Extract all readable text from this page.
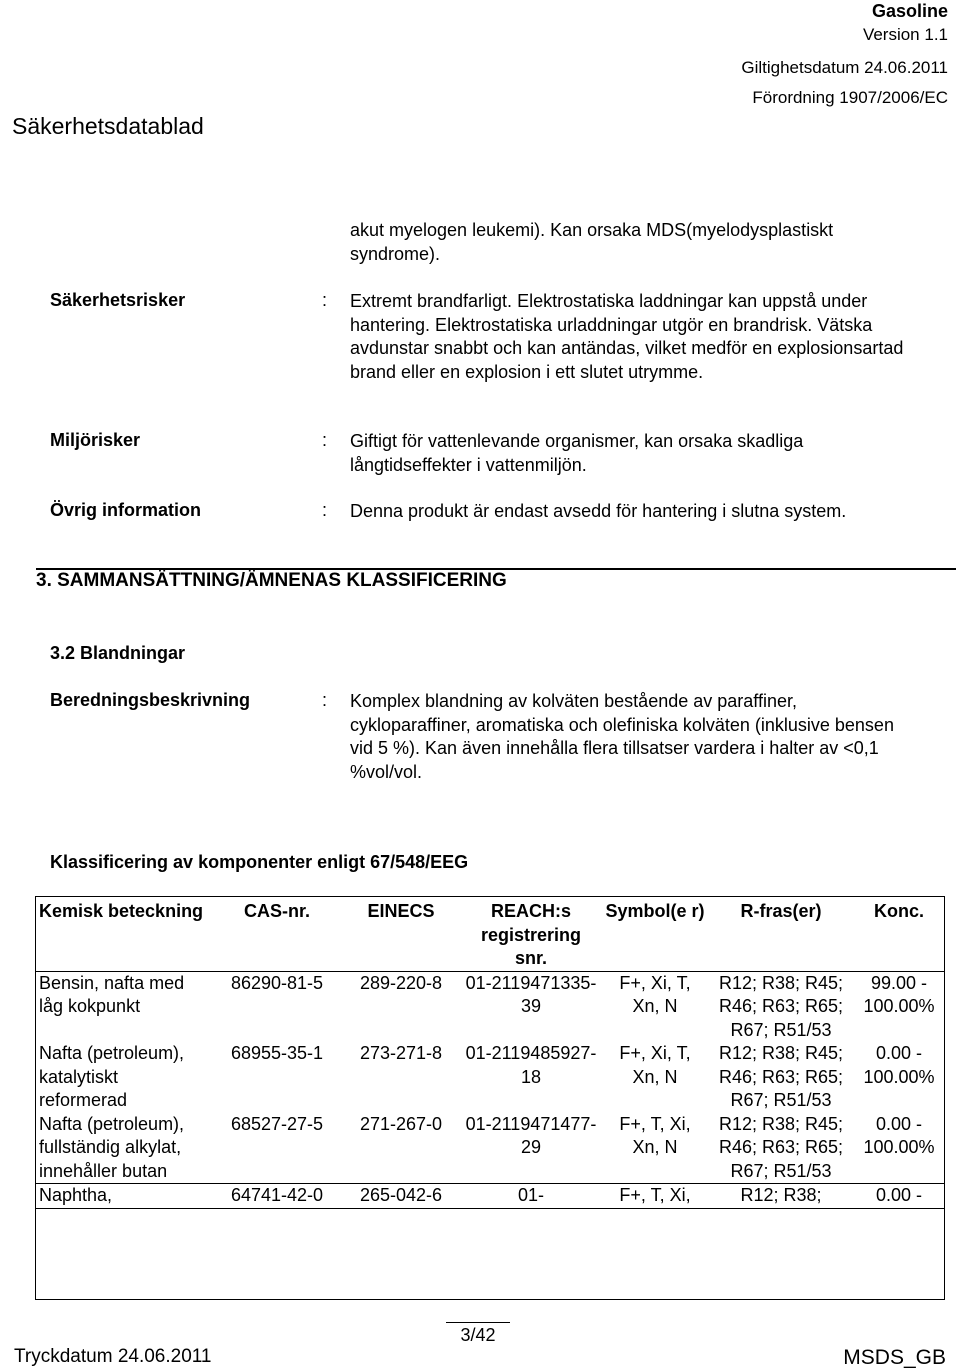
Gasoline
Version 1.1
Giltighetsdatum 24.06.2011
Förordning 1907/2006/EC
Säkerhetsdatablad
akut myelogen leukemi). Kan orsaka MDS(myelodysplastiskt syndrome).
Säkerhetsrisker	: Extremt brandfarligt. Elektrostatiska laddningar kan uppstå under hantering. Elektrostatiska urladdningar utgör en brandrisk. Vätska avdunstar snabbt och kan antändas, vilket medför en explosionsartad brand eller en explosion i ett slutet utrymme.
Miljörisker	: Giftigt för vattenlevande organismer, kan orsaka skadliga långtidseffekter i vattenmiljön.
Övrig information	: Denna produkt är endast avsedd för hantering i slutna system.
3. SAMMANSÄTTNING/ÄMNENAS KLASSIFICERING
3.2 Blandningar
Beredningsbeskrivning	: Komplex blandning av kolväten bestående av paraffiner, cykloparaffiner, aromatiska och olefiniska kolväten (inklusive bensen vid 5 %). Kan även innehålla flera tillsatser vardera i halter av <0,1 %vol/vol.
Klassificering av komponenter enligt 67/548/EEG
Kemisk beteckning	CAS-nr.	EINECS	REACH:s registrering snr.	Symbol(e r)	R-fras(er)	Konc.
Bensin, nafta med låg kokpunkt	86290-81-5	289-220-8	01-2119471335-39	F+, Xi, T, Xn, N	R12; R38; R45; R46; R63; R65; R67; R51/53	99.00 - 100.00%
Nafta (petroleum), katalytiskt reformerad	68955-35-1	273-271-8	01-2119485927-18	F+, Xi, T, Xn, N	R12; R38; R45; R46; R63; R65; R67; R51/53	0.00 - 100.00%
Nafta (petroleum), fullständig alkylat, innehåller butan	68527-27-5	271-267-0	01-2119471477-29	F+, T, Xi, Xn, N	R12; R38; R45; R46; R63; R65; R67; R51/53	0.00 - 100.00%
Naphtha,	64741-42-0	265-042-6	01-	F+, T, Xi,	R12; R38;	0.00 -
3/42
Tryckdatum 24.06.2011	MSDS_GB
